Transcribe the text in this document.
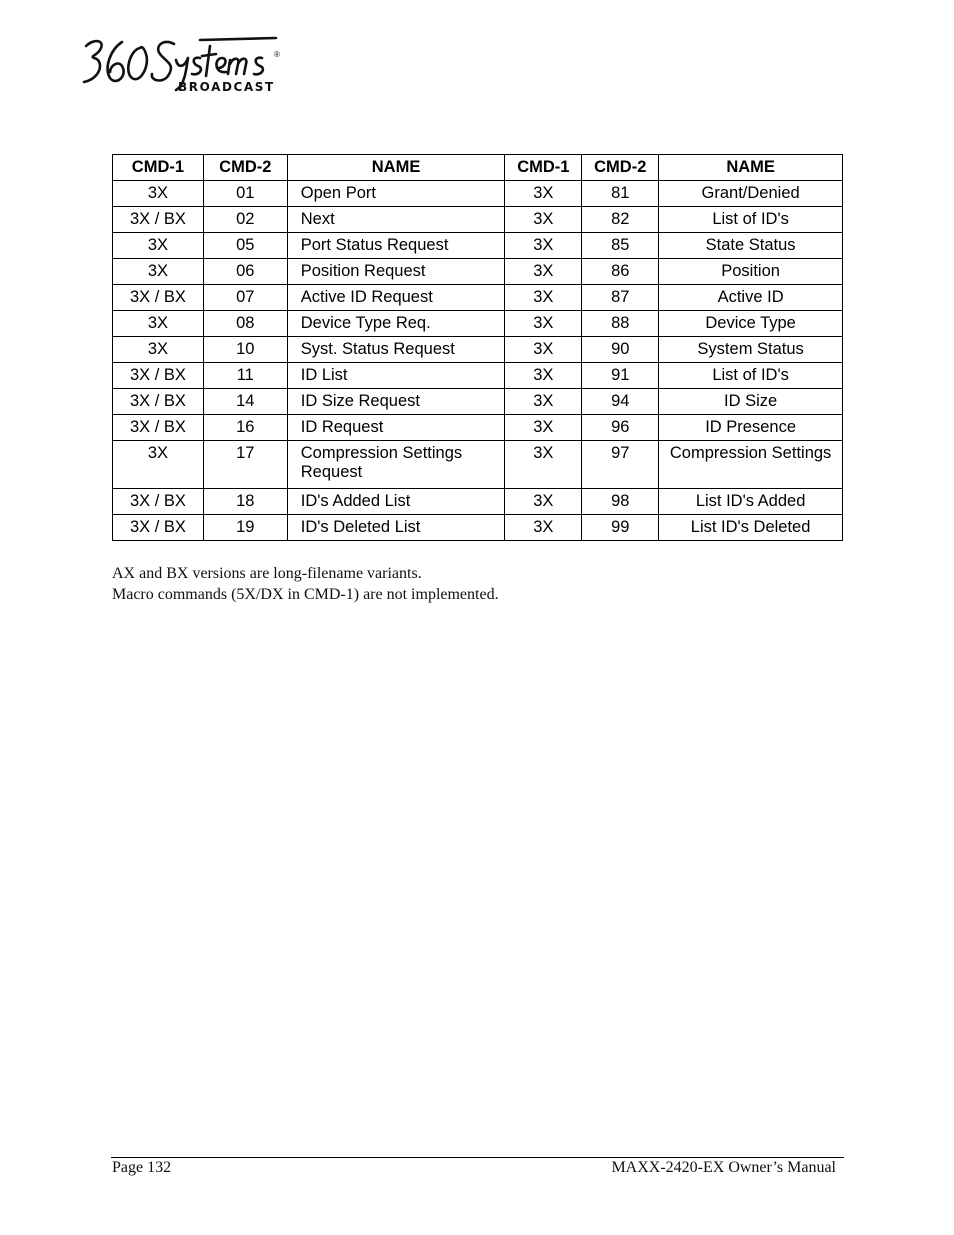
®
BROADCAST
CMD-1	CMD-2	NAME	CMD-1	CMD-2	NAME
3X	01	Open Port	3X	81	Grant/Denied
3X / BX	02	Next	3X	82	List of ID's
3X	05	Port Status Request	3X	85	State Status
3X	06	Position Request	3X	86	Position
3X / BX	07	Active ID Request	3X	87	Active ID
3X	08	Device Type Req.	3X	88	Device Type
3X	10	Syst. Status Request	3X	90	System Status
3X / BX	11	ID List	3X	91	List of ID's
3X / BX	14	ID Size Request	3X	94	ID Size
3X / BX	16	ID Request	3X	96	ID Presence
3X	17	Compression Settings Request	3X	97	Compression Settings
3X / BX	18	ID's Added List	3X	98	List ID's Added
3X / BX	19	ID's Deleted List	3X	99	List ID's Deleted
AX and BX versions are long-filename variants.
Macro commands (5X/DX in CMD-1) are not implemented.
Page 132	MAXX-2420-EX Owner’s Manual
